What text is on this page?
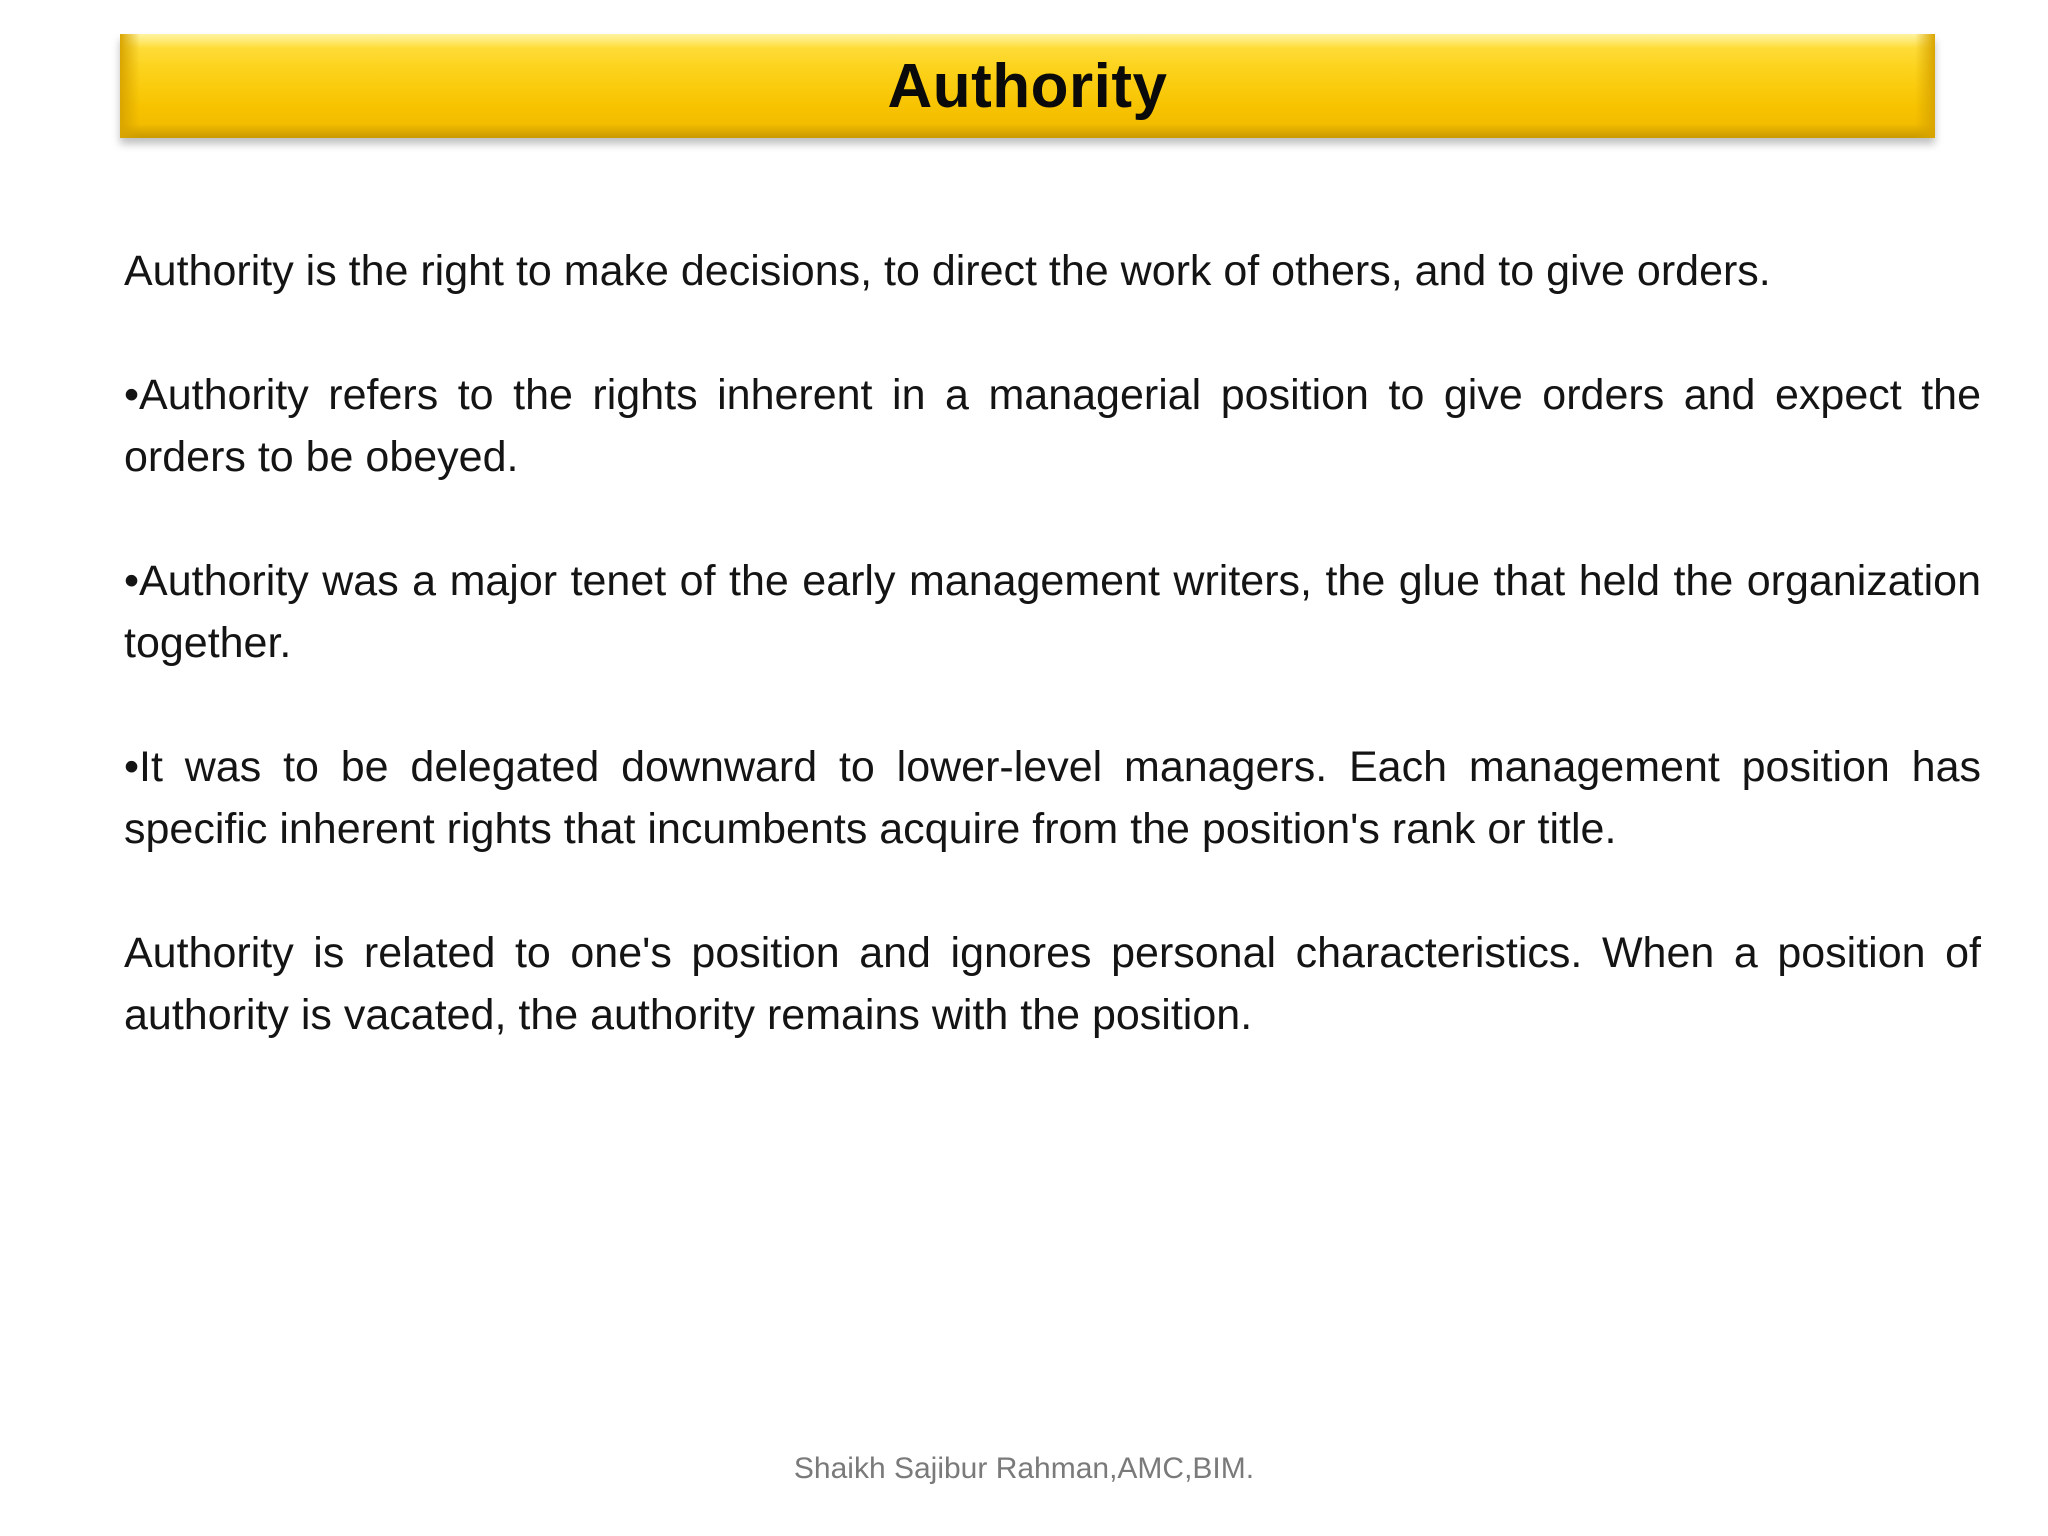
Authority

Authority is the right to make decisions, to direct the work of others, and to give orders.

•Authority refers to the rights inherent in a managerial position to give orders and expect the orders to be obeyed.

•Authority was a major tenet of the early management writers, the glue that held the organization together.

•It was to be delegated downward to lower-level managers. Each management position has specific inherent rights that incumbents acquire from the position's rank or title.

Authority is related to one's position and ignores personal characteristics. When a position of authority is vacated, the authority remains with the position.

Shaikh Sajibur Rahman,AMC,BIM.
